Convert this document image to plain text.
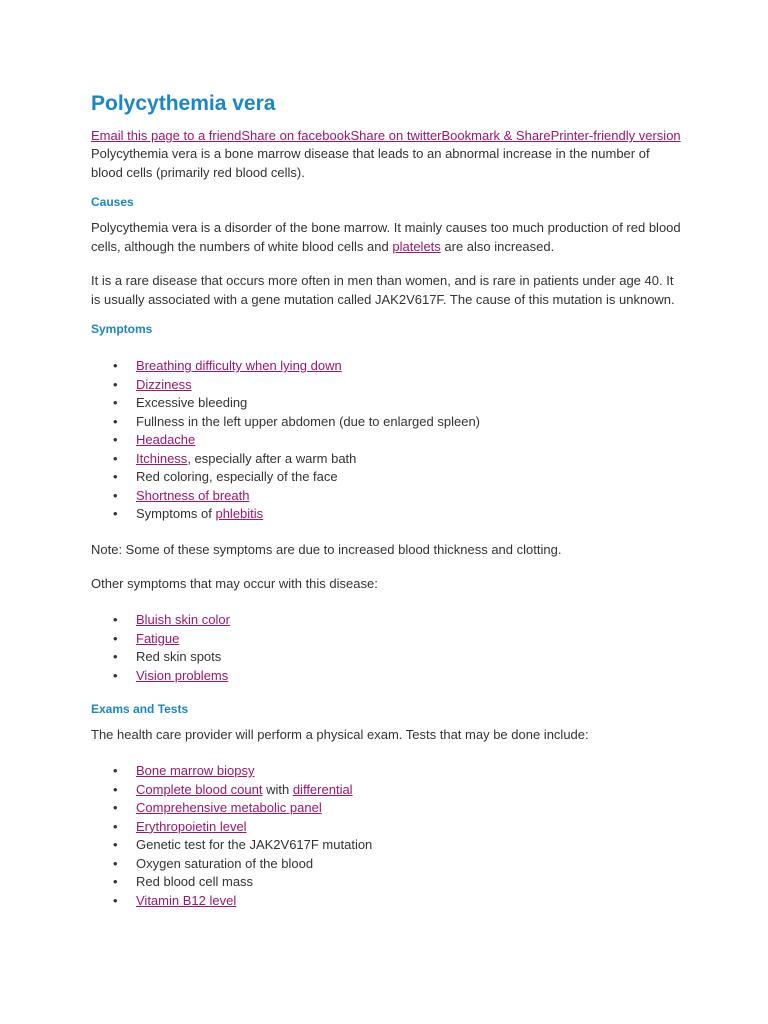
Polycythemia vera
Email this page to a friendShare on facebookShare on twitterBookmark & SharePrinter-friendly version

Polycythemia vera is a bone marrow disease that leads to an abnormal increase in the number of blood cells (primarily red blood cells).

Causes

Polycythemia vera is a disorder of the bone marrow. It mainly causes too much production of red blood cells, although the numbers of white blood cells and platelets are also increased.

It is a rare disease that occurs more often in men than women, and is rare in patients under age 40. It is usually associated with a gene mutation called JAK2V617F. The cause of this mutation is unknown.

Symptoms
• Breathing difficulty when lying down
• Dizziness
• Excessive bleeding
• Fullness in the left upper abdomen (due to enlarged spleen)
• Headache
• Itchiness, especially after a warm bath
• Red coloring, especially of the face
• Shortness of breath
• Symptoms of phlebitis

Note: Some of these symptoms are due to increased blood thickness and clotting.

Other symptoms that may occur with this disease:

• Bluish skin color
• Fatigue
• Red skin spots
• Vision problems
Exams and Tests

The health care provider will perform a physical exam. Tests that may be done include:

• Bone marrow biopsy
• Complete blood count with differential
• Comprehensive metabolic panel
• Erythropoietin level
• Genetic test for the JAK2V617F mutation
• Oxygen saturation of the blood
• Red blood cell mass
• Vitamin B12 level
